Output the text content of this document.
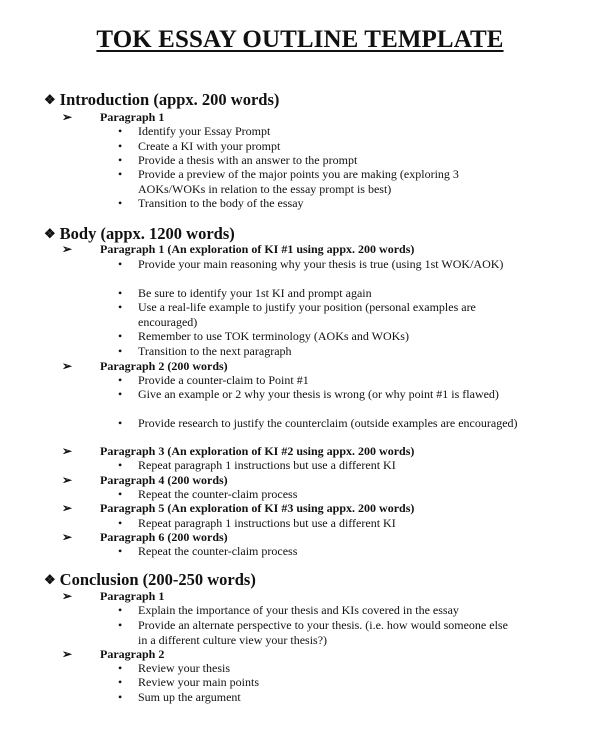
TOK ESSAY OUTLINE TEMPLATE
❖ Introduction (appx. 200 words)
➢ Paragraph 1
• Identify your Essay Prompt
• Create a KI with your prompt
• Provide a thesis with an answer to the prompt
• Provide a preview of the major points you are making (exploring 3 AOKs/WOKs in relation to the essay prompt is best)
• Transition to the body of the essay
❖ Body (appx. 1200 words)
➢ Paragraph 1 (An exploration of KI #1 using appx. 200 words)
• Provide your main reasoning why your thesis is true (using 1st WOK/AOK)
• Be sure to identify your 1st KI and prompt again
• Use a real-life example to justify your position (personal examples are encouraged)
• Remember to use TOK terminology (AOKs and WOKs)
• Transition to the next paragraph
➢ Paragraph 2 (200 words)
• Provide a counter-claim to Point #1
• Give an example or 2 why your thesis is wrong (or why point #1 is flawed)
• Provide research to justify the counterclaim (outside examples are encouraged)
➢ Paragraph 3 (An exploration of KI #2 using appx. 200 words)
• Repeat paragraph 1 instructions but use a different KI
➢ Paragraph 4 (200 words)
• Repeat the counter-claim process
➢ Paragraph 5 (An exploration of KI #3 using appx. 200 words)
• Repeat paragraph 1 instructions but use a different KI
➢ Paragraph 6 (200 words)
• Repeat the counter-claim process
❖ Conclusion (200-250 words)
➢ Paragraph 1
• Explain the importance of your thesis and KIs covered in the essay
• Provide an alternate perspective to your thesis. (i.e. how would someone else in a different culture view your thesis?)
➢ Paragraph 2
• Review your thesis
• Review your main points
• Sum up the argument
